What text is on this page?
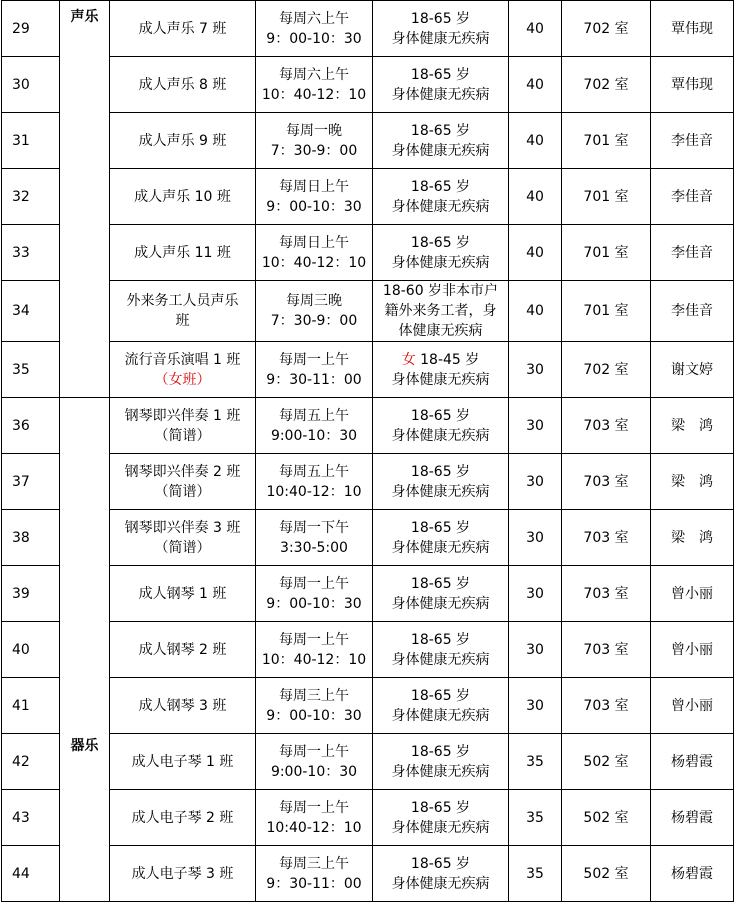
29	声乐	成人声乐 7 班	每周六上午
9：00-10：30	18-65 岁
身体健康无疾病	40	702 室	覃伟现
30		成人声乐 8 班	每周六上午
10：40-12：10	18-65 岁
身体健康无疾病	40	702 室	覃伟现
31		成人声乐 9 班	每周一晚
7：30-9：00	18-65 岁
身体健康无疾病	40	701 室	李佳音
32		成人声乐 10 班	每周日上午
9：00-10：30	18-65 岁
身体健康无疾病	40	701 室	李佳音
33		成人声乐 11 班	每周日上午
10：40-12：10	18-65 岁
身体健康无疾病	40	701 室	李佳音
34		外来务工人员声乐
班	每周三晚
7：30-9：00	18-60 岁非本市户
籍外来务工者，身
体健康无疾病	40	701 室	李佳音
35		流行音乐演唱 1 班
（女班）	每周一上午
9：30-11：00	女 18-45 岁
身体健康无疾病	30	702 室	谢文婷
36	器乐	钢琴即兴伴奏 1 班
（简谱）	每周五上午
9:00-10：30	18-65 岁
身体健康无疾病	30	703 室	梁　鸿
37		钢琴即兴伴奏 2 班
（简谱）	每周五上午
10:40-12：10	18-65 岁
身体健康无疾病	30	703 室	梁　鸿
38		钢琴即兴伴奏 3 班
（简谱）	每周一下午
3:30-5:00	18-65 岁
身体健康无疾病	30	703 室	梁　鸿
39		成人钢琴 1 班	每周一上午
9：00-10：30	18-65 岁
身体健康无疾病	30	703 室	曾小丽
40		成人钢琴 2 班	每周一上午
10：40-12：10	18-65 岁
身体健康无疾病	30	703 室	曾小丽
41		成人钢琴 3 班	每周三上午
9：00-10：30	18-65 岁
身体健康无疾病	30	703 室	曾小丽
42		成人电子琴 1 班	每周一上午
9:00-10：30	18-65 岁
身体健康无疾病	35	502 室	杨碧霞
43		成人电子琴 2 班	每周一上午
10:40-12：10	18-65 岁
身体健康无疾病	35	502 室	杨碧霞
44		成人电子琴 3 班	每周三上午
9：30-11：00	18-65 岁
身体健康无疾病	35	502 室	杨碧霞
